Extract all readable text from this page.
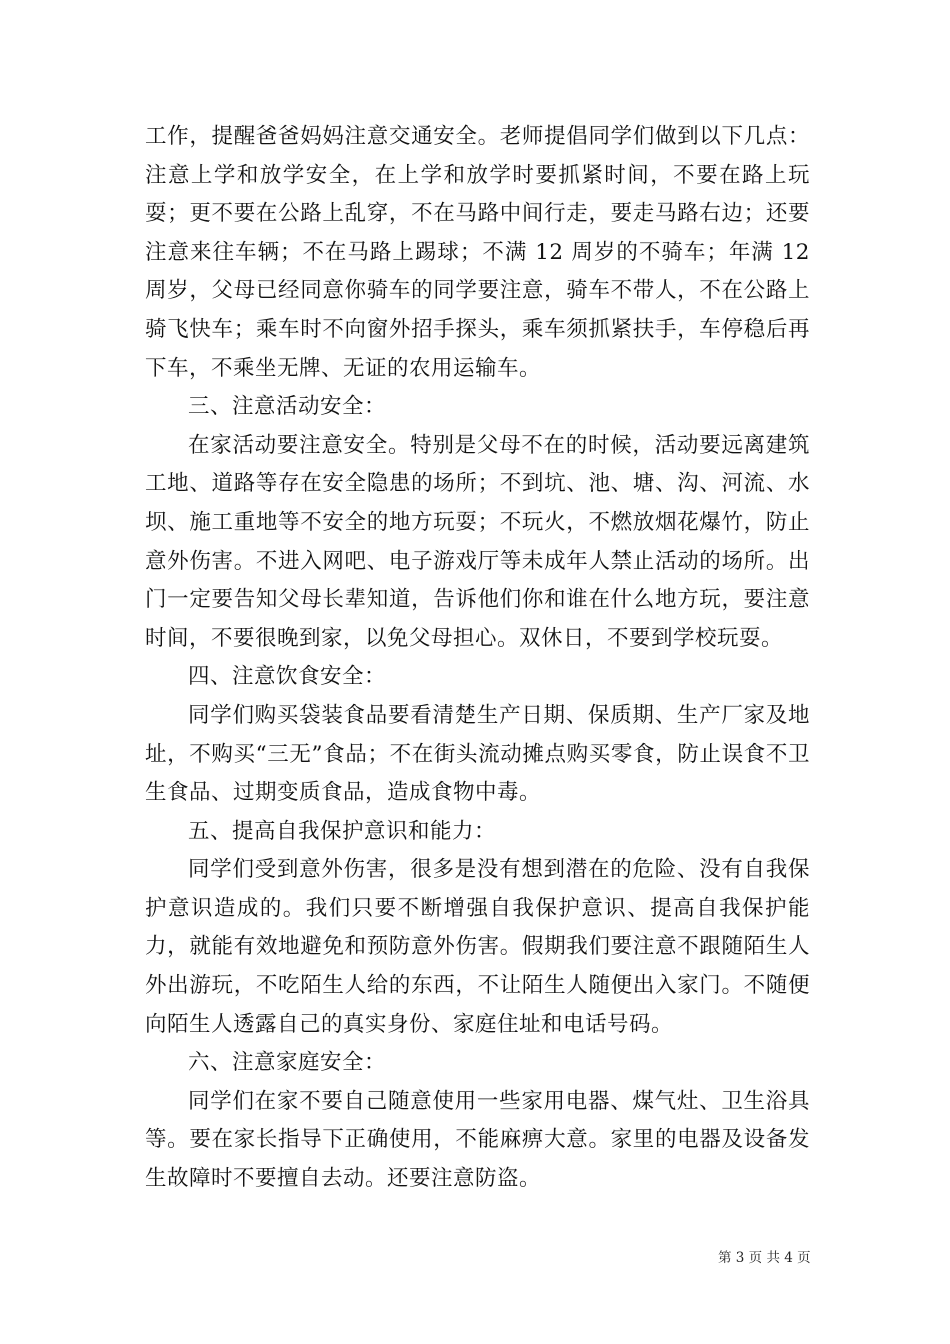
工作，提醒爸爸妈妈注意交通安全。老师提倡同学们做到以下几点：注意上学和放学安全，在上学和放学时要抓紧时间，不要在路上玩耍；更不要在公路上乱穿，不在马路中间行走，要走马路右边；还要注意来往车辆；不在马路上踢球；不满 12 周岁的不骑车；年满 12 周岁，父母已经同意你骑车的同学要注意，骑车不带人，不在公路上骑飞快车；乘车时不向窗外招手探头，乘车须抓紧扶手，车停稳后再下车，不乘坐无牌、无证的农用运输车。

三、注意活动安全：

在家活动要注意安全。特别是父母不在的时候，活动要远离建筑工地、道路等存在安全隐患的场所；不到坑、池、塘、沟、河流、水坝、施工重地等不安全的地方玩耍；不玩火，不燃放烟花爆竹，防止意外伤害。不进入网吧、电子游戏厅等未成年人禁止活动的场所。出门一定要告知父母长辈知道，告诉他们你和谁在什么地方玩，要注意时间，不要很晚到家，以免父母担心。双休日，不要到学校玩耍。

四、注意饮食安全：

同学们购买袋装食品要看清楚生产日期、保质期、生产厂家及地址，不购买“三无”食品；不在街头流动摊点购买零食，防止误食不卫生食品、过期变质食品，造成食物中毒。

五、提高自我保护意识和能力：

同学们受到意外伤害，很多是没有想到潜在的危险、没有自我保护意识造成的。我们只要不断增强自我保护意识、提高自我保护能力，就能有效地避免和预防意外伤害。假期我们要注意不跟随陌生人外出游玩，不吃陌生人给的东西，不让陌生人随便出入家门。不随便向陌生人透露自己的真实身份、家庭住址和电话号码。

六、注意家庭安全：

同学们在家不要自己随意使用一些家用电器、煤气灶、卫生浴具等。要在家长指导下正确使用，不能麻痹大意。家里的电器及设备发生故障时不要擅自去动。还要注意防盗。

第 3 页 共 4 页
